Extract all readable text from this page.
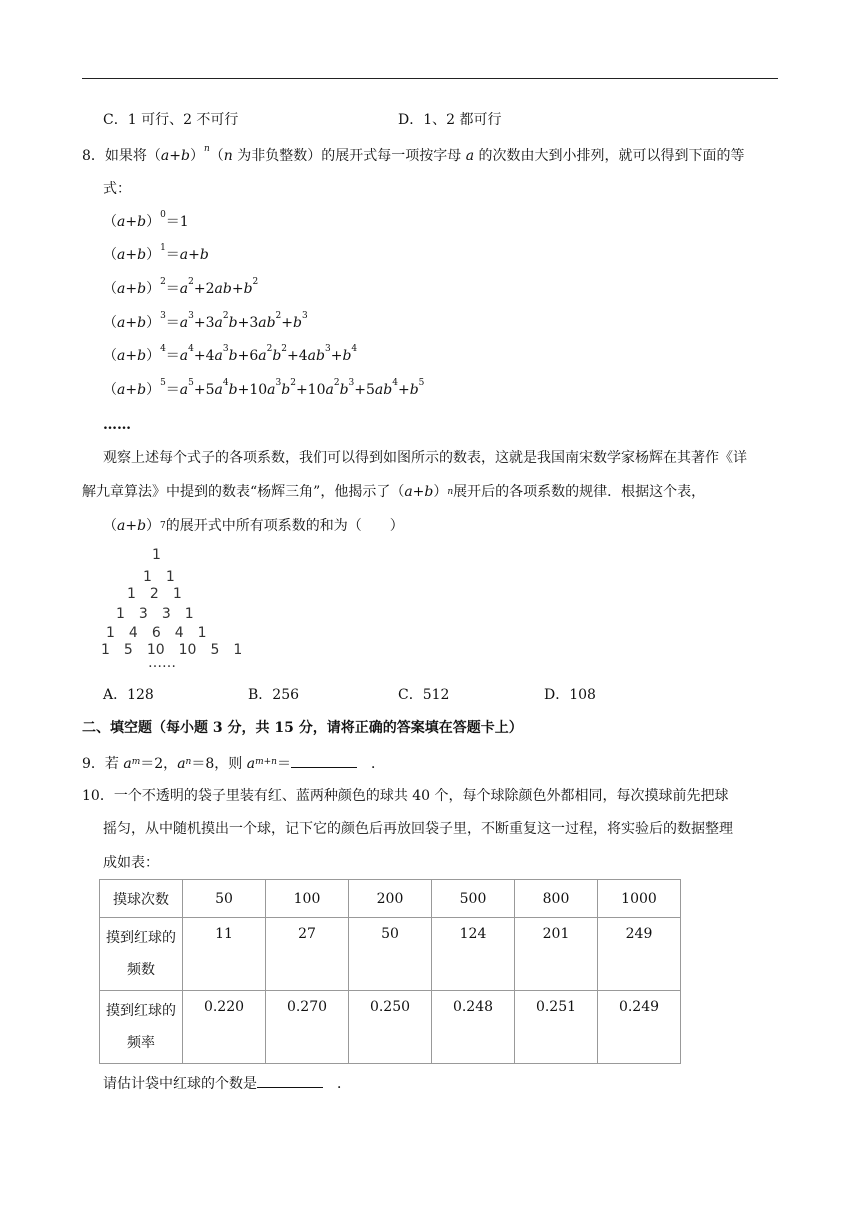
C．1 可行、2 不可行	D．1、2 都可行
8．如果将$(a+b)^n(n$ 为非负整数）的展开式每一项按字母 a 的次数由大到小排列，就可以得到下面的等
式：
$(a+b)^0=1$
$(a+b)^1=a+b$
$(a+b)^2=a^2+2ab+b^2$
$(a+b)^3=a^3+3a^2b+3ab^2+b^3$
$(a+b)^4=a^4+4a^3b+6a^2b^2+4ab^3+b^4$
$(a+b)^5=a^5+5a^4b+10a^3b^2+10a^2b^3+5ab^4+b^5$
……
观察上述每个式子的各项系数，我们可以得到如图所示的数表，这就是我国南宋数学家杨辉在其著作《详
解九章算法》中提到的数表“杨辉三角”，他揭示了$(a+b)^n$展开后的各项系数的规律．根据这个表，
$(a+b)^7$的展开式中所有项系数的和为（　　）
1
1　1
1　2　1
1　3　3　1
1　4　6　4　1
1　5　10　10　5　1
……
A．128	B．256	C．512	D．108
二、填空题（每小题 3 分，共 15 分，请将正确的答案填在答题卡上）
9．若 $a^m=2$，$a^n=8$，则 $a^{m+n}=$　	．
10．一个不透明的袋子里装有红、蓝两种颜色的球共 40 个，每个球除颜色外都相同，每次摸球前先把球
摇匀，从中随机摸出一个球，记下它的颜色后再放回袋子里，不断重复这一过程，将实验后的数据整理
成如表：
摸球次数	50	100	200	500	800	1000
摸到红球的
频数	11	27	50	124	201	249
摸到红球的
频率	0.220	0.270	0.250	0.248	0.251	0.249
请估计袋中红球的个数是　	．
